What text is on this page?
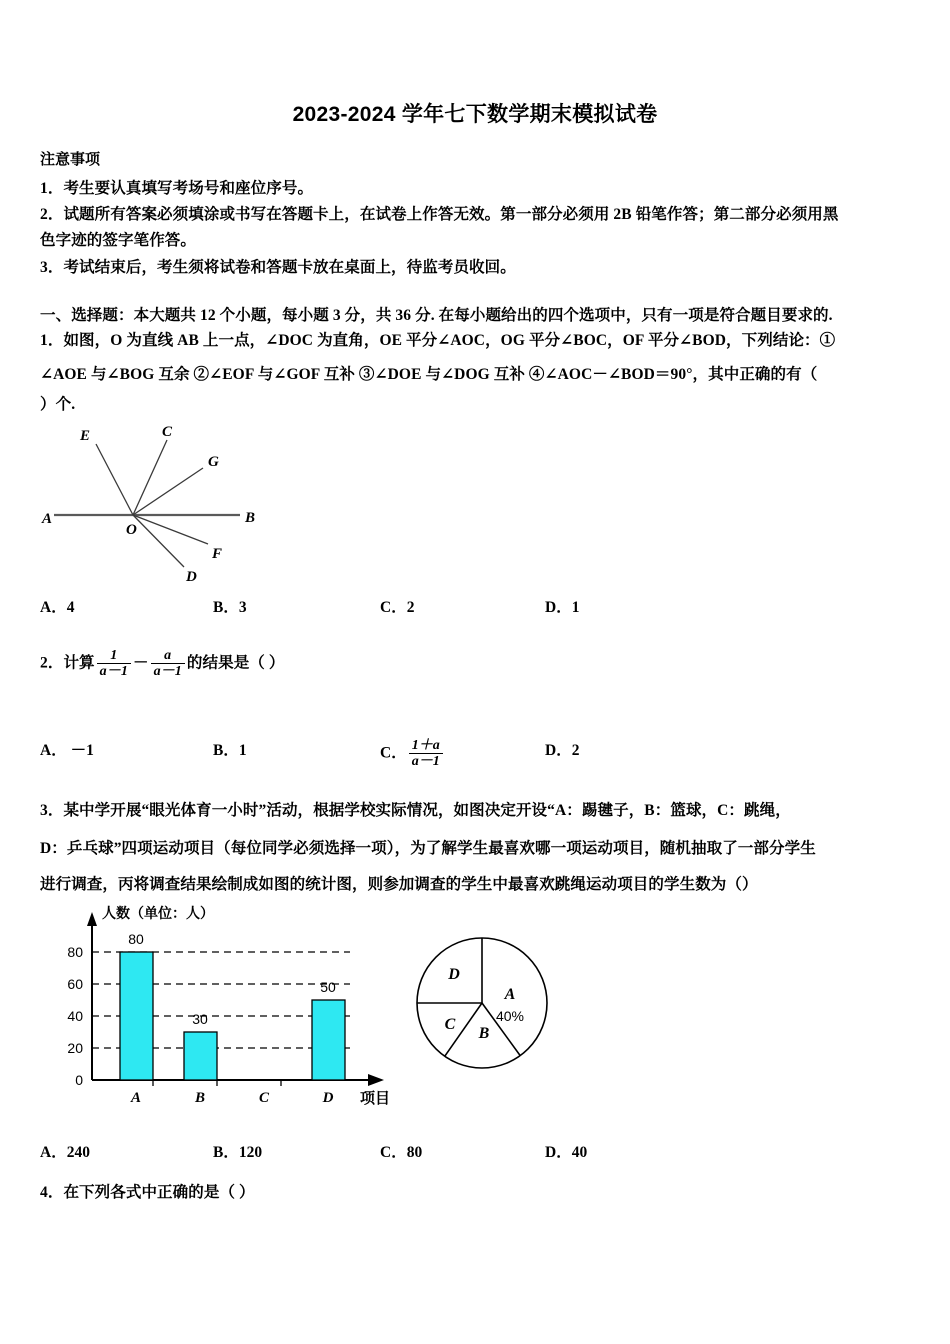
2023-2024 学年七下数学期末模拟试卷
注意事项
1．考生要认真填写考场号和座位序号。
2．试题所有答案必须填涂或书写在答题卡上，在试卷上作答无效。第一部分必须用 2B 铅笔作答；第二部分必须用黑
色字迹的签字笔作答。
3．考试结束后，考生须将试卷和答题卡放在桌面上，待监考员收回。
一、选择题：本大题共 12 个小题，每小题 3 分，共 36 分. 在每小题给出的四个选项中，只有一项是符合题目要求的.
1．如图，O 为直线 AB 上一点，∠DOC 为直角，OE 平分∠AOC，OG 平分∠BOC，OF 平分∠BOD，下列结论：①
∠AOE 与∠BOG 互余 ②∠EOF 与∠GOF 互补 ③∠DOE 与∠DOG 互补 ④∠AOC－∠BOD＝90°，其中正确的有（
）个.
E	C
G
A
O
B
F
D
A．4	B．3	C．2	D．1
2．计算 $\frac{1}{a-1} - \frac{a}{a-1}$ 的结果是（ ）
A． －1	B．1	C． $\frac{1+a}{a-1}$	D．2
3．某中学开展“眼光体育一小时”活动，根据学校实际情况，如图决定开设“A：踢毽子，B：篮球，C：跳绳，
D：乒乓球”四项运动项目（每位同学必须选择一项），为了解学生最喜欢哪一项运动项目，随机抽取了一部分学生
进行调查，丙将调查结果绘制成如图的统计图，则参加调查的学生中最喜欢跳绳运动项目的学生数为（）
人数（单位：人）
0
20
40
60
80
80
30
50
A	B	C	D 项目
A
40%
B
C
D
A．240	B．120	C．80	D．40
4．在下列各式中正确的是（ ）
